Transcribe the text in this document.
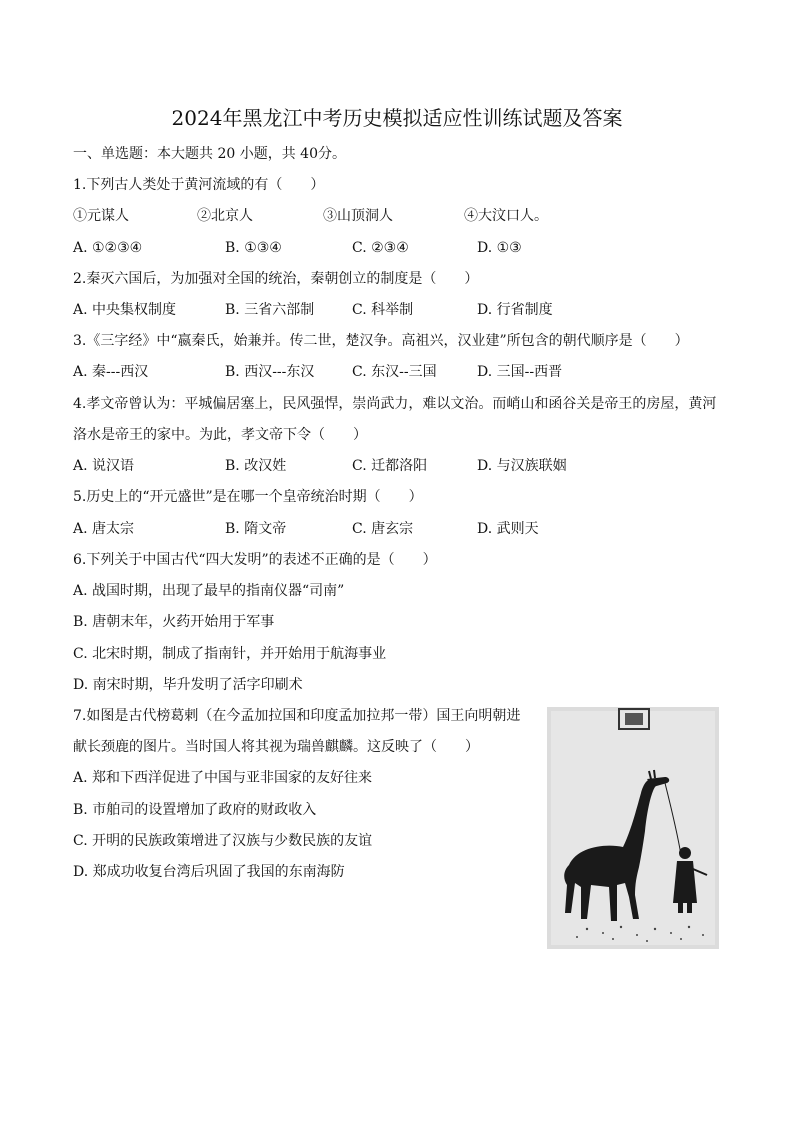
2024年黑龙江中考历史模拟适应性训练试题及答案
一、单选题：本大题共 20 小题，共 40分。
1.下列古人类处于黄河流域的有（　　）
①元谋人	②北京人	③山顶洞人	④大汶口人。
A. ①②③④	B. ①③④	C. ②③④	D. ①③
2.秦灭六国后，为加强对全国的统治，秦朝创立的制度是（　　）
A. 中央集权制度	B. 三省六部制	C. 科举制	D. 行省制度
3.《三字经》中“嬴秦氏，始兼并。传二世，楚汉争。高祖兴，汉业建”所包含的朝代顺序是（　　）
A. 秦---西汉	B. 西汉---东汉	C. 东汉--三国	D. 三国--西晋
4.孝文帝曾认为：平城偏居塞上，民风强悍，崇尚武力，难以文治。而峭山和函谷关是帝王的房屋，黄河
洛水是帝王的家中。为此，孝文帝下令（　　）
A. 说汉语	B. 改汉姓	C. 迁都洛阳	D. 与汉族联姻
5.历史上的“开元盛世”是在哪一个皇帝统治时期（　　）
A. 唐太宗	B. 隋文帝	C. 唐玄宗	D. 武则天
6.下列关于中国古代“四大发明”的表述不正确的是（　　）
A. 战国时期，出现了最早的指南仪器“司南”
B. 唐朝末年，火药开始用于军事
C. 北宋时期，制成了指南针，并开始用于航海事业
D. 南宋时期，毕升发明了活字印刷术
7.如图是古代榜葛剌（在今孟加拉国和印度孟加拉邦一带）国王向明朝进
献长颈鹿的图片。当时国人将其视为瑞兽麒麟。这反映了（　　）
A. 郑和下西洋促进了中国与亚非国家的友好往来
B. 市舶司的设置增加了政府的财政收入
C. 开明的民族政策增进了汉族与少数民族的友谊
D. 郑成功收复台湾后巩固了我国的东南海防
